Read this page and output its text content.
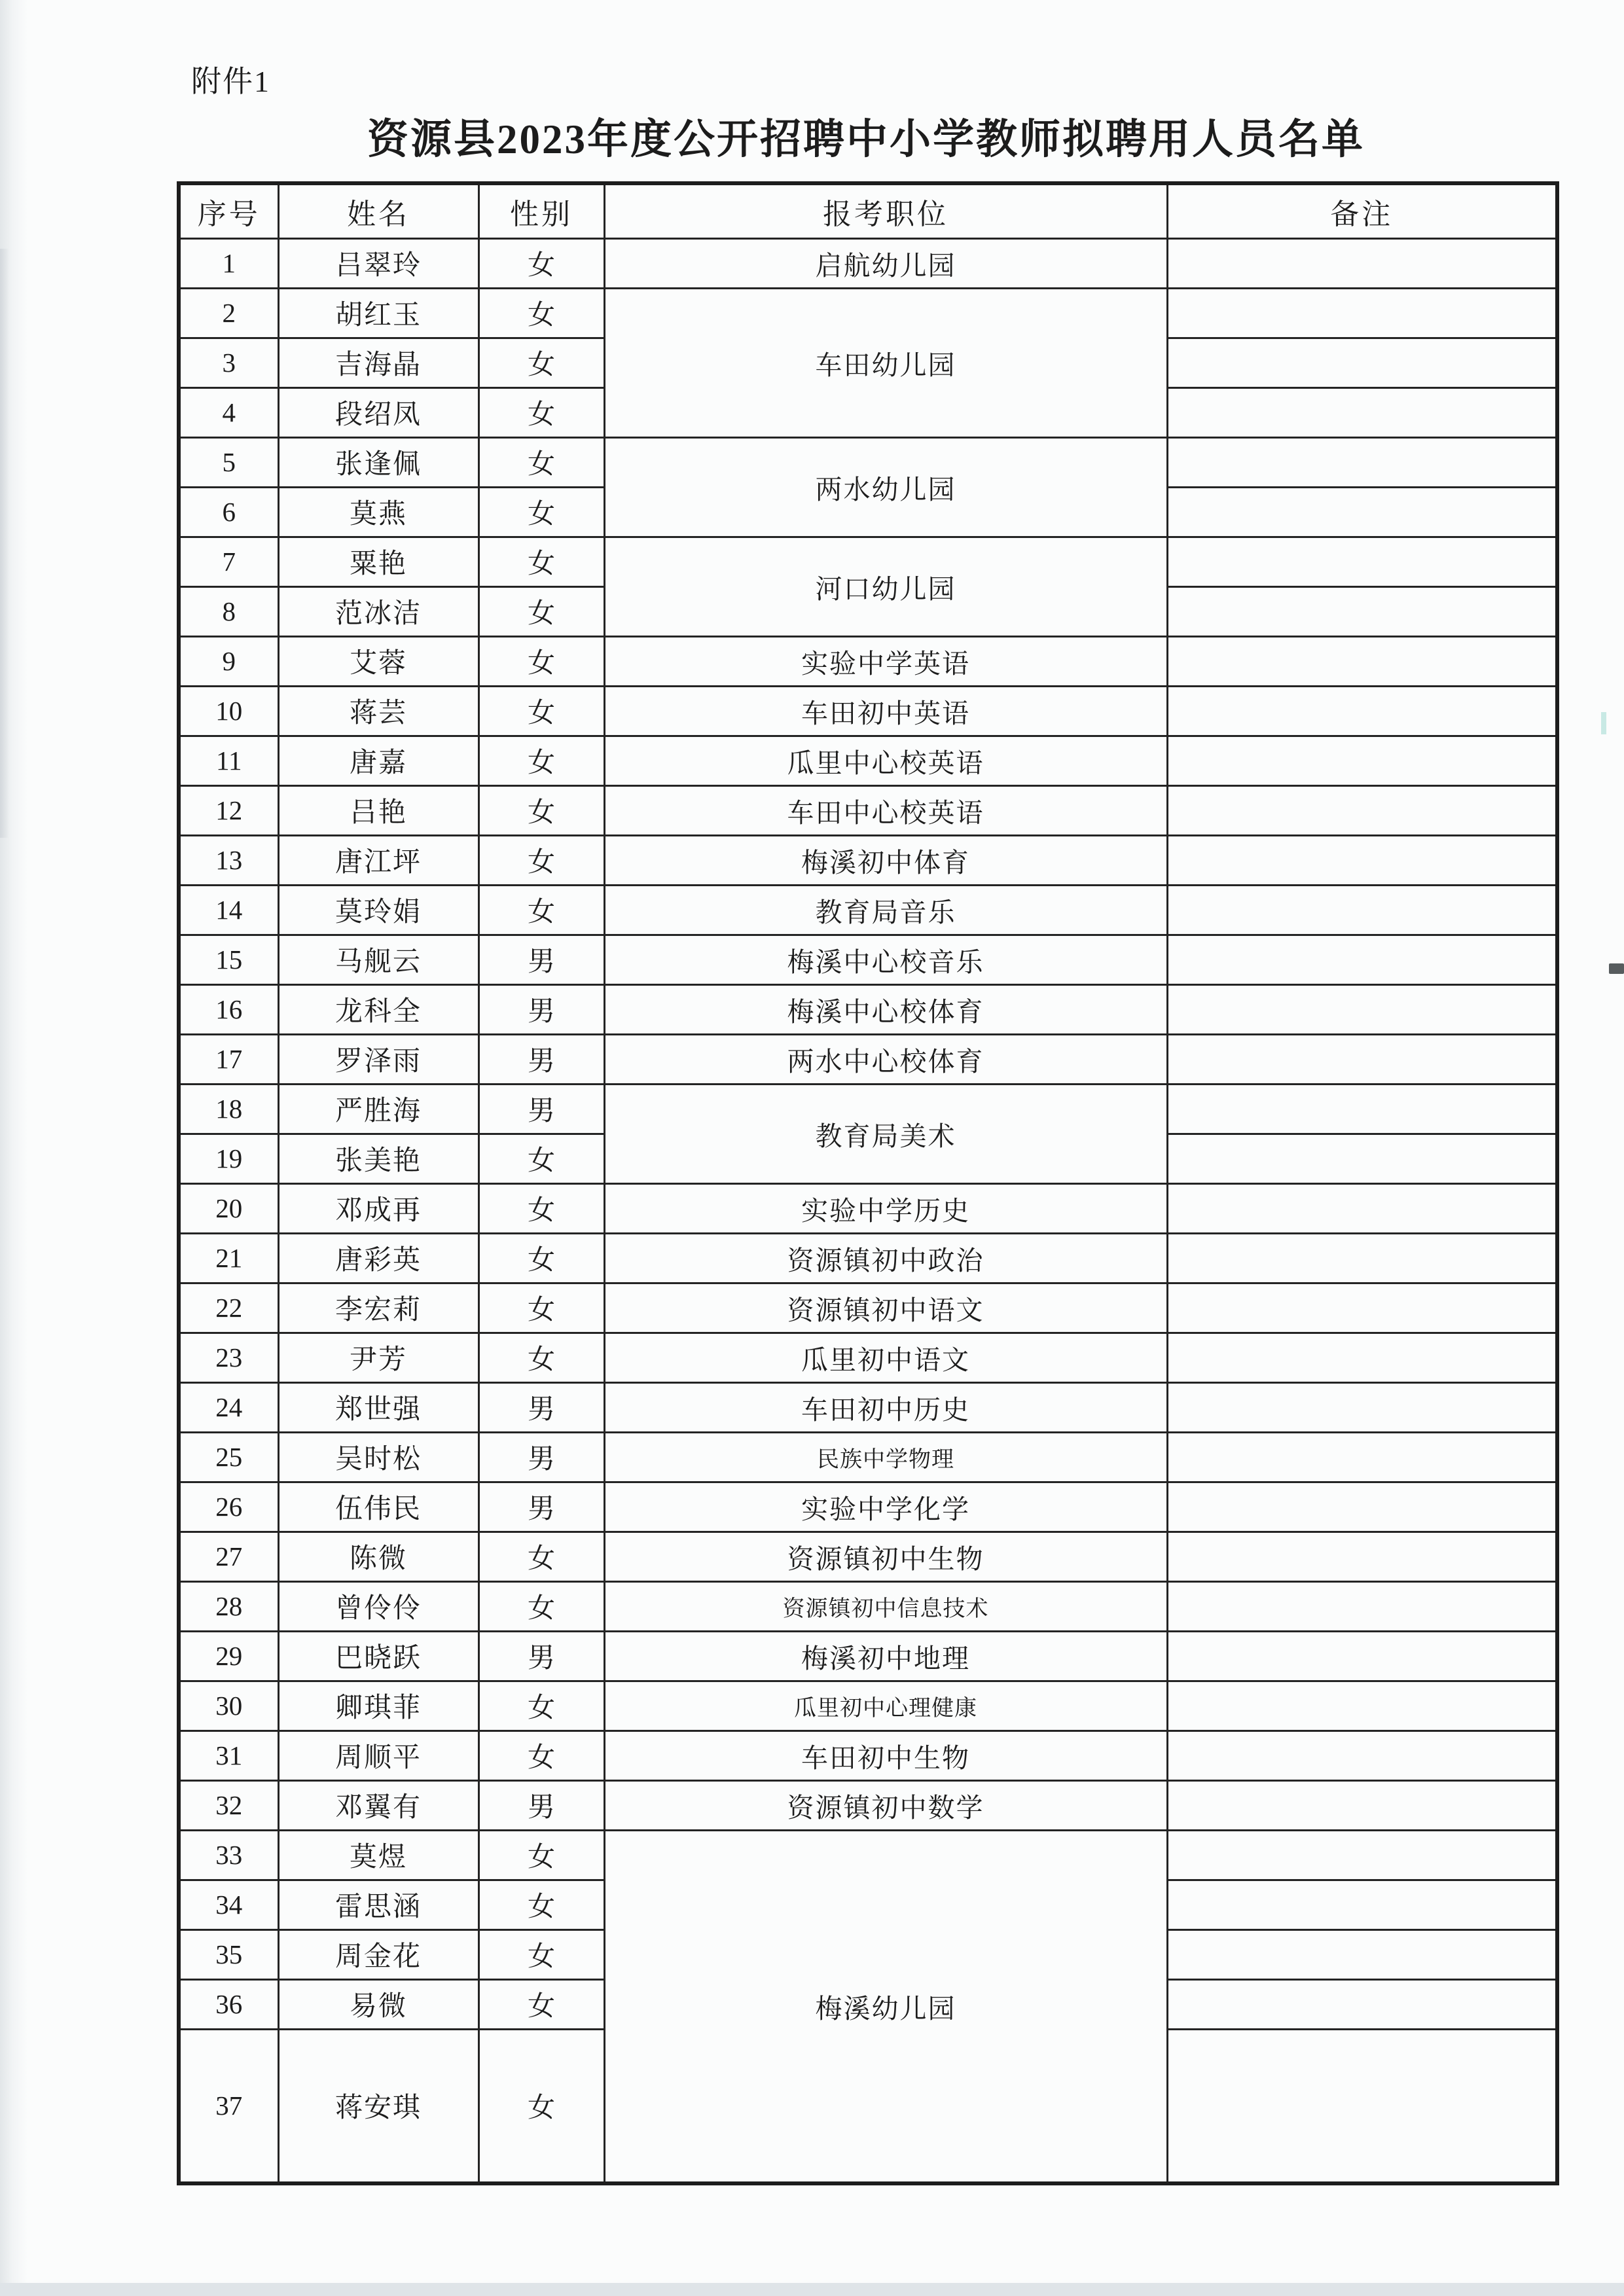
附件1
资源县2023年度公开招聘中小学教师拟聘用人员名单
序号	姓名	性别	报考职位	备注
1	吕翠玲	女	启航幼儿园	
2	胡红玉	女	车田幼儿园	
3	吉海晶	女		
4	段绍凤	女		
5	张逢佩	女	两水幼儿园	
6	莫燕	女		
7	粟艳	女	河口幼儿园	
8	范冰洁	女		
9	艾蓉	女	实验中学英语	
10	蒋芸	女	车田初中英语	
11	唐嘉	女	瓜里中心校英语	
12	吕艳	女	车田中心校英语	
13	唐江坪	女	梅溪初中体育	
14	莫玲娟	女	教育局音乐	
15	马舰云	男	梅溪中心校音乐	
16	龙科全	男	梅溪中心校体育	
17	罗泽雨	男	两水中心校体育	
18	严胜海	男	教育局美术	
19	张美艳	女		
20	邓成再	女	实验中学历史	
21	唐彩英	女	资源镇初中政治	
22	李宏莉	女	资源镇初中语文	
23	尹芳	女	瓜里初中语文	
24	郑世强	男	车田初中历史	
25	吴时松	男	民族中学物理	
26	伍伟民	男	实验中学化学	
27	陈微	女	资源镇初中生物	
28	曾伶伶	女	资源镇初中信息技术	
29	巴晓跃	男	梅溪初中地理	
30	卿琪菲	女	瓜里初中心理健康	
31	周顺平	女	车田初中生物	
32	邓翼有	男	资源镇初中数学	
33	莫煜	女	梅溪幼儿园	
34	雷思涵	女		
35	周金花	女		
36	易微	女		
37	蒋安琪	女		
